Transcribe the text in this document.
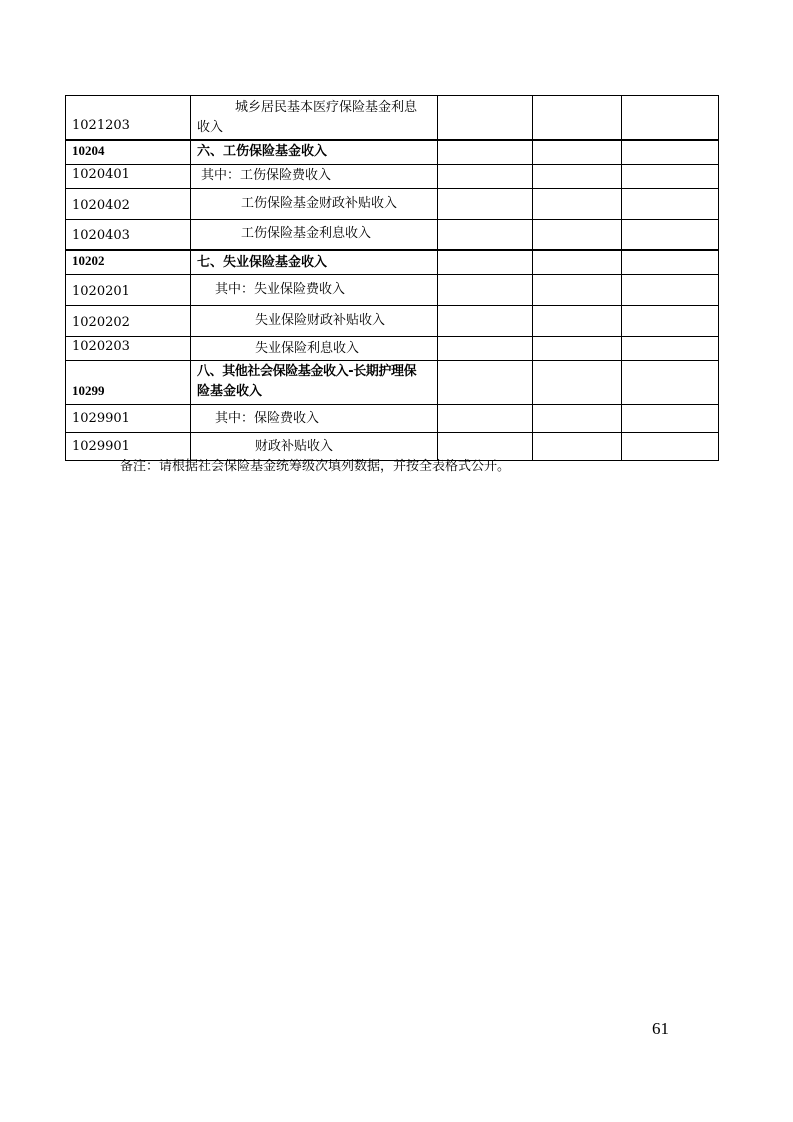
1021203	城乡居民基本医疗保险基金利息
收入			

10204	六、工伤保险基金收入			
1020401	其中：工伤保险费收入			
1020402	工伤保险基金财政补贴收入			
1020403	工伤保险基金利息收入			
10202	七、失业保险基金收入			
1020201	其中：失业保险费收入			
1020202	失业保险财政补贴收入			
1020203	失业保险利息收入			
10299	八、其他社会保险基金收入-长期护理保
险基金收入			

1029901	其中：保险费收入			
1029901	财政补贴收入			
备注：请根据社会保险基金统筹级次填列数据，并按全表格式公开。
61
